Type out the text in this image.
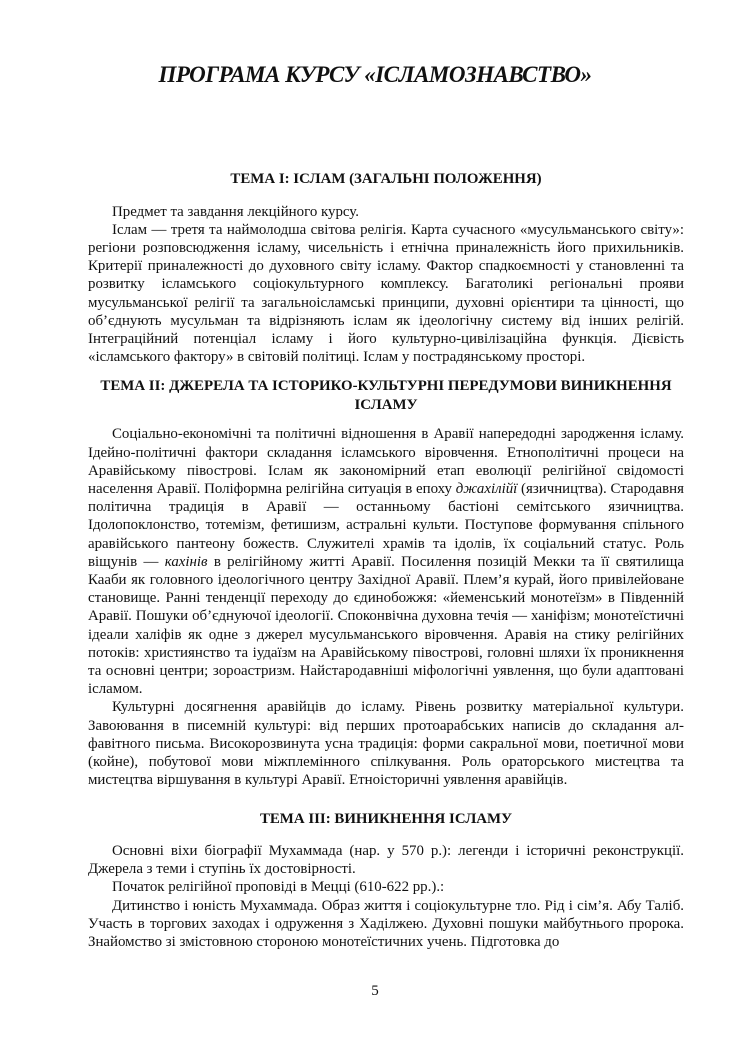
ПРОГРАМА КУРСУ «ІСЛАМОЗНАВСТВО»
ТЕМА І: ІСЛАМ (ЗАГАЛЬНІ ПОЛОЖЕННЯ)

Предмет та завдання лекційного курсу.

Іслам — третя та наймолодша світова релігія. Карта сучасного «мусульманського світу»: регіони розповсюдження ісламу, чисельність і етнічна приналежність його прихильників. Критерії приналежності до духовного світу ісламу. Фактор спадкоємності у становленні та розвитку ісламського соціокультурного комплексу. Багатоликі регіональні прояви мусульманської релігії та загальноісламські принципи, духовні орієнтири та цінності, що об’єднують мусульман та відрізняють іслам як ідеологічну систему від інших релігій. Інтеграційний потенціал ісламу і його культурно-цивілізаційна функція. Дієвість «ісламського фактору» в світовій політиці. Іслам у пострадянському просторі.

ТЕМА ІІ: ДЖЕРЕЛА ТА ІСТОРИКО-КУЛЬТУРНІ ПЕРЕДУМОВИ ВИНИКНЕННЯ ІСЛАМУ

Соціально-економічні та політичні відношення в Аравії напередодні зародження ісламу. Ідейно-політичні фактори складання ісламського віровчення. Етнополітичні процеси на Аравійському півострові. Іслам як закономірний етап еволюції релігійної свідомості населення Аравії. Поліформна релігійна ситуація в епоху джахілійї (язичництва). Стародавня політична традиція в Аравії — останньому бастіоні семітського язичництва. Ідолопоклонство, тотемізм, фетишизм, астральні культи. Поступове формування спільного аравійського пантеону божеств. Служителі храмів та ідолів, їх соціальний статус. Роль віщунів — кахінів в релігійному житті Аравії. Посилення позицій Мекки та її святилища Кааби як головного ідеологічного центру Західної Аравії. Плем’я курай, його привілейоване становище. Ранні тенденції переходу до єдинобожжя: «йеменський монотеїзм» в Південній Аравії. Пошуки об’єднуючої ідеології. Споконвічна духовна течія — ханіфізм; монотеїстичні ідеали халіфів як одне з джерел мусульманського віровчення. Аравія на стику релігійних потоків: християнство та іудаїзм на Аравійському півострові, головні шляхи їх проникнення та основні центри; зороастризм. Найстародавніші міфологічні уявлення, що були адаптовані ісламом.

Культурні досягнення аравійців до ісламу. Рівень розвитку матеріальної культури. Завоювання в писемній культурі: від перших протоарабських написів до складання алфавітного письма. Високорозвинута усна традиція: форми сакральної мови, поетичної мови (койне), побутової мови міжплемінного спілкування. Роль ораторського мистецтва та мистецтва віршування в культурі Аравії. Етноісторичні уявлення аравійців.

ТЕМА ІІІ: ВИНИКНЕННЯ ІСЛАМУ

Основні віхи біографії Мухаммада (нар. у 570 р.): легенди і історичні реконструкції. Джерела з теми і ступінь їх достовірності.

Початок релігійної проповіді в Мецці (610-622 рр.).:

Дитинство і юність Мухаммада. Образ життя і соціокультурне тло. Рід і сім’я. Абу Таліб. Участь в торгових заходах і одруження з Хаділжею. Духовні пошуки майбутнього пророка. Знайомство зі змістовною стороною монотеїстичних учень. Підготовка до

5
